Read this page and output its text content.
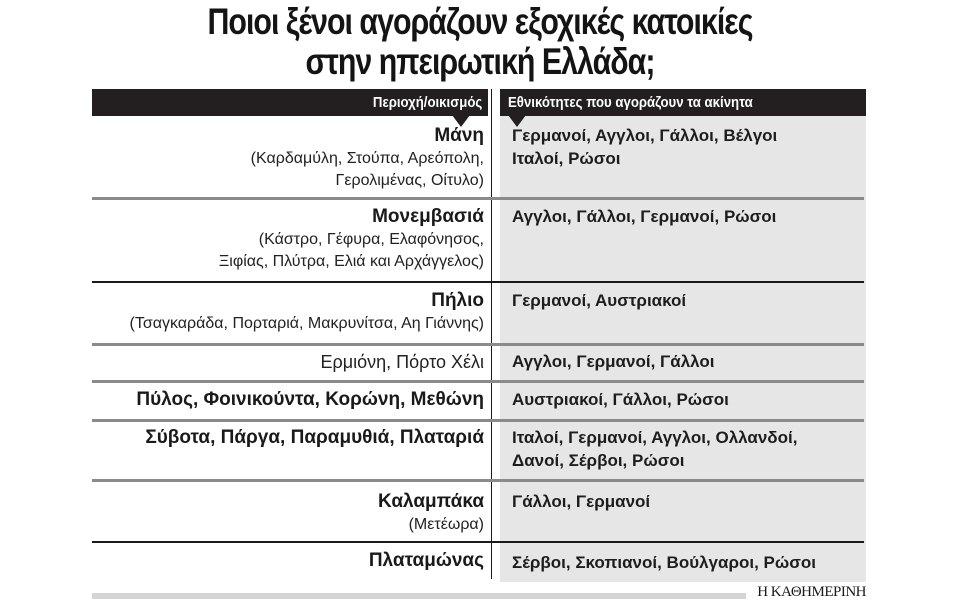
Ποιοι ξένοι αγοράζουν εξοχικές κατοικίες
στην ηπειρωτική Ελλάδα;
Περιοχή/οικισμός	Εθνικότητες που αγοράζουν τα ακίνητα
Μάνη
(Καρδαμύλη, Στούπα, Αρεόπολη,
Γερολιμένας, Οίτυλο)
Γερμανοί, Αγγλοι, Γάλλοι, Βέλγοι
Ιταλοί, Ρώσοι
Μονεμβασιά
(Κάστρο, Γέφυρα, Ελαφόνησος,
Ξιφίας, Πλύτρα, Ελιά και Αρχάγγελος)
Αγγλοι, Γάλλοι, Γερμανοί, Ρώσοι
Πήλιο
(Τσαγκαράδα, Πορταριά, Μακρυνίτσα, Αη Γιάννης)
Γερμανοί, Αυστριακοί
Ερμιόνη, Πόρτο Χέλι Αγγλοι, Γερμανοί, Γάλλοι
Πύλος, Φοινικούντα, Κορώνη, Μεθώνη Αυστριακοί, Γάλλοι, Ρώσοι
Σύβοτα, Πάργα, Παραμυθιά, Πλαταριά Ιταλοί, Γερμανοί, Αγγλοι, Ολλανδοί,
Δανοί, Σέρβοι, Ρώσοι
Καλαμπάκα
(Μετέωρα)
Γάλλοι, Γερμανοί
Πλαταμώνας Σέρβοι, Σκοπιανοί, Βούλγαροι, Ρώσοι
Η ΚΑΘΗΜΕΡΙΝΗ
